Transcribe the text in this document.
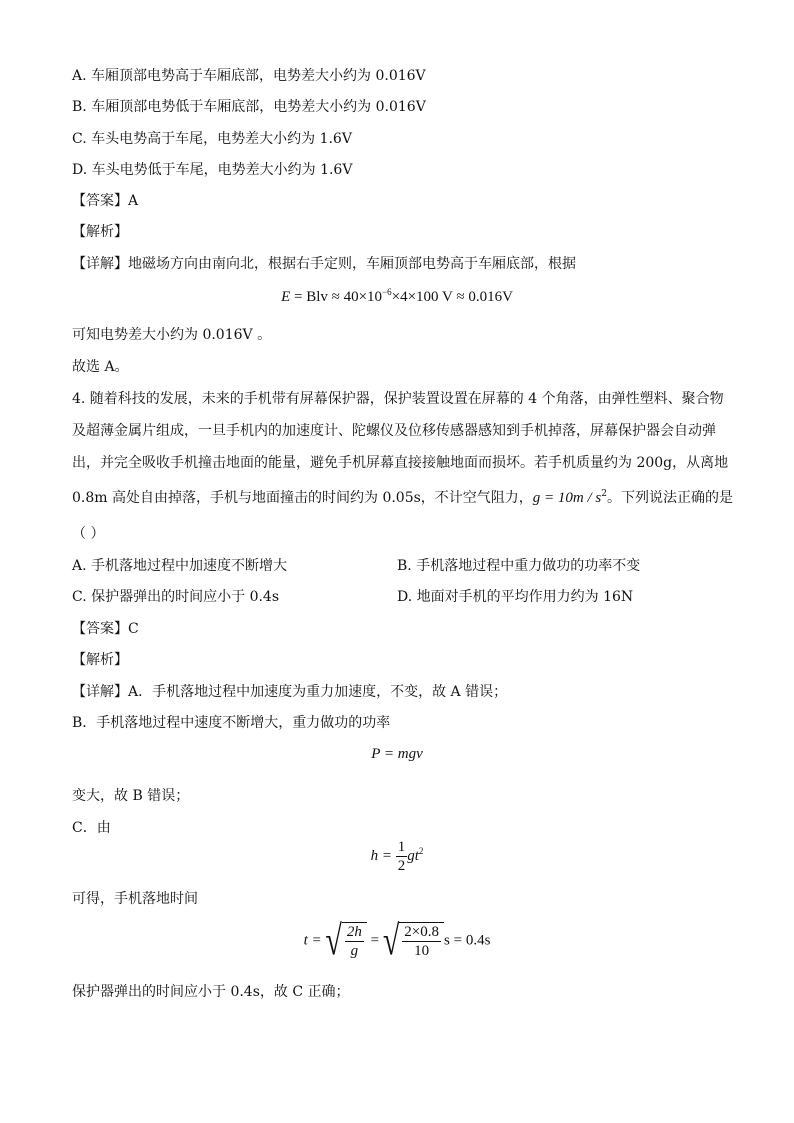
A. 车厢顶部电势高于车厢底部，电势差大小约为 0.016V
B. 车厢顶部电势低于车厢底部，电势差大小约为 0.016V
C. 车头电势高于车尾，电势差大小约为 1.6V
D. 车头电势低于车尾，电势差大小约为 1.6V
【答案】A
【解析】
【详解】地磁场方向由南向北，根据右手定则，车厢顶部电势高于车厢底部，根据
E = Blv ≈ $40\times 10^{-6}\times 4\times 100$ V ≈ 0.016V
可知电势差大小约为 0.016V 。
故选 A。
4. 随着科技的发展，未来的手机带有屏幕保护器，保护装置设置在屏幕的 4 个角落，由弹性塑料、聚合物
及超薄金属片组成，一旦手机内的加速度计、陀螺仪及位移传感器感知到手机掉落，屏幕保护器会自动弹
出，并完全吸收手机撞击地面的能量，避免手机屏幕直接接触地面而损坏。若手机质量约为 200g，从离地
0.8m 高处自由掉落，手机与地面撞击的时间约为 0.05s，不计空气阻力，$g = 10m / s^2$。下列说法正确的是
（ ）
A. 手机落地过程中加速度不断增大	B. 手机落地过程中重力做功的功率不变
C. 保护器弹出的时间应小于 0.4s	D. 地面对手机的平均作用力约为 16N
【答案】C
【解析】
【详解】A．手机落地过程中加速度为重力加速度，不变，故 A 错误；
B．手机落地过程中速度不断增大，重力做功的功率
P = mgv
变大，故 B 错误；
C．由
$h = \frac{1}{2} gt^2$
可得，手机落地时间
t = √ $\frac{2h}{g}$ = √ $\frac{2\times 0.8}{10}$ s = 0.4s
保护器弹出的时间应小于 0.4s，故 C 正确；
